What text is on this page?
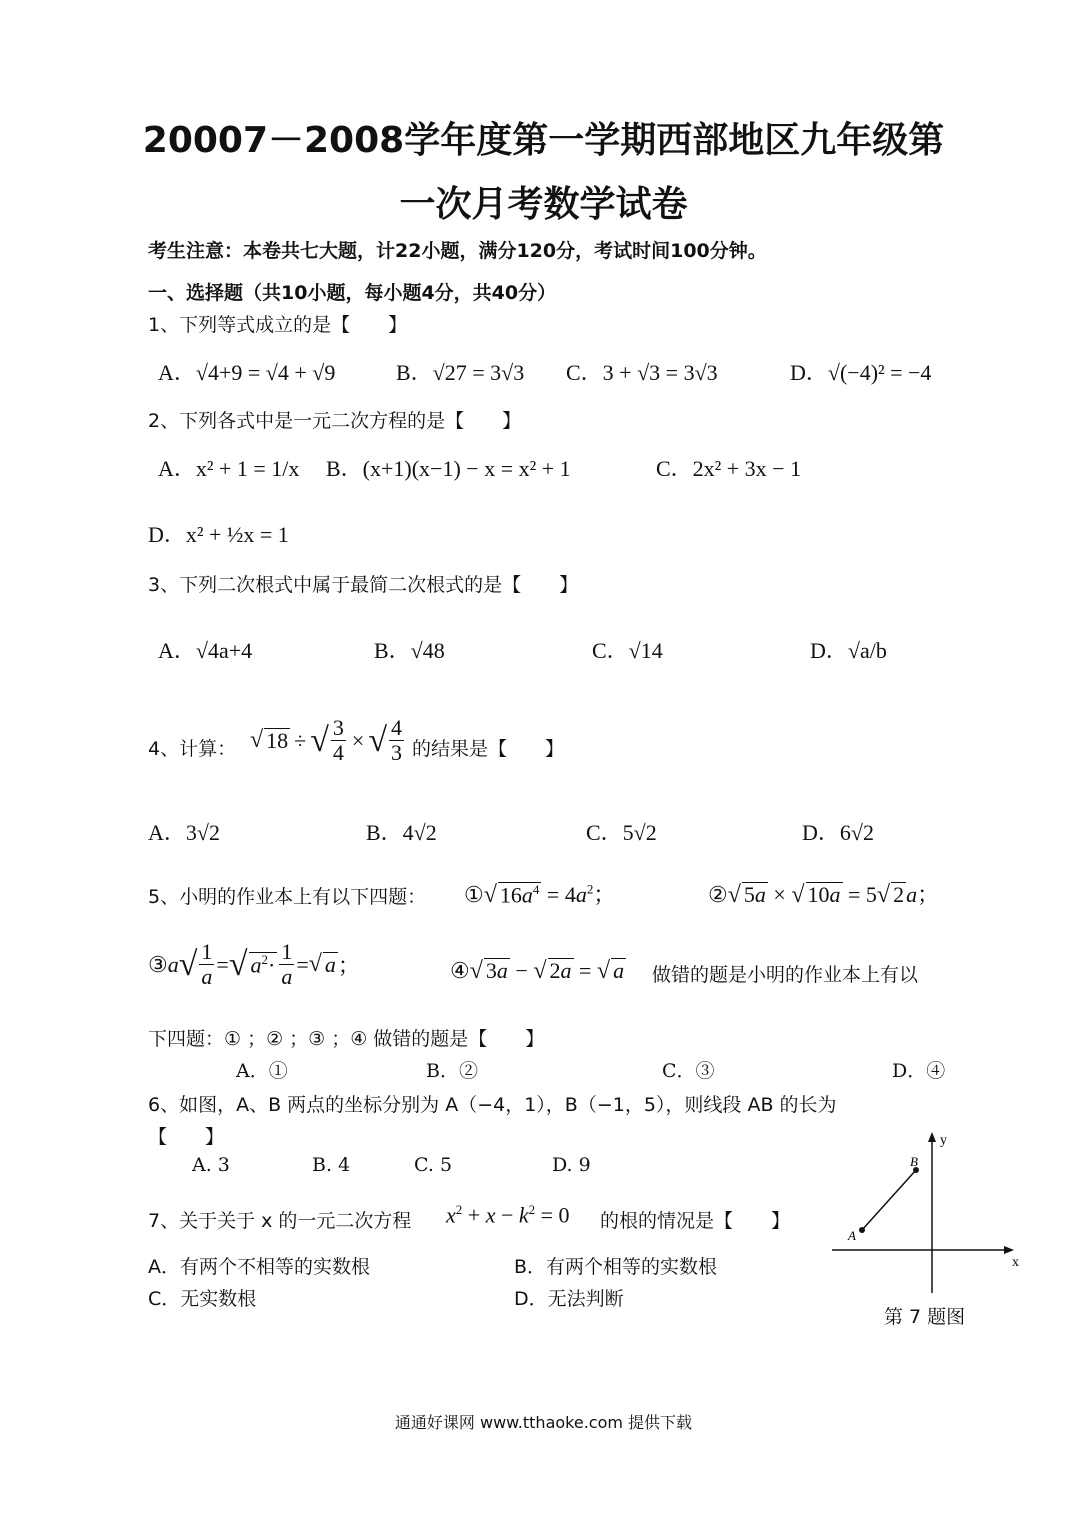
20007－2008学年度第一学期西部地区九年级第
一次月考数学试卷
考生注意：本卷共七大题，计22小题，满分120分，考试时间100分钟。
一、选择题（共10小题，每小题4分，共40分）
1、下列等式成立的是【　　】
A．√4+9 = √4 + √9	B．√27 = 3√3 C．3 + √3 = 3√3	D．√(−4)² = −4
2、下列各式中是一元二次方程的是【　　】
A．x² + 1 = 1/x B．(x+1)(x−1) − x = x² + 1	C．2x² + 3x − 1
D．x² + ½x = 1
3、下列二次根式中属于最简二次根式的是【　　】
A．√4a+4	B．√48	C．√14	D．√a/b
4、计算： √ 18 ÷ √ $\frac{3}{4}$ × √ $\frac{4}{3}$ 的结果是【　　】
A．3√2	B．4√2	C．5√2	D．6√2
5、小明的作业本上有以下四题： ①√ $16a^4 = 4a^2$；	②√ 5a × √ 10a = 5√ 2a；
③ a √ $\frac{1}{a}$ = √ $a^2\cdot \frac{1}{a}$ = √ a ；	④√ 3a − √ 2a = √ a 做错的题是小明的作业本上有以
下四题：① ；② ；③ ；④ 做错的题是【　　】
A．①	B．②	C．③	D．④
6、如图，A、B 两点的坐标分别为 A（−4，1），B（−1，5），则线段 AB 的长为
【　　】
A. 3	B. 4	C. 5	D. 9
7、关于关于 x 的一元二次方程 $x^2 + x - k^2 = 0$ 的根的情况是【　　】
A．有两个不相等的实数根	B．有两个相等的实数根
C．无实数根	D．无法判断
y
x
A
B
第 7 题图
通通好课网 www.tthaoke.com 提供下载
